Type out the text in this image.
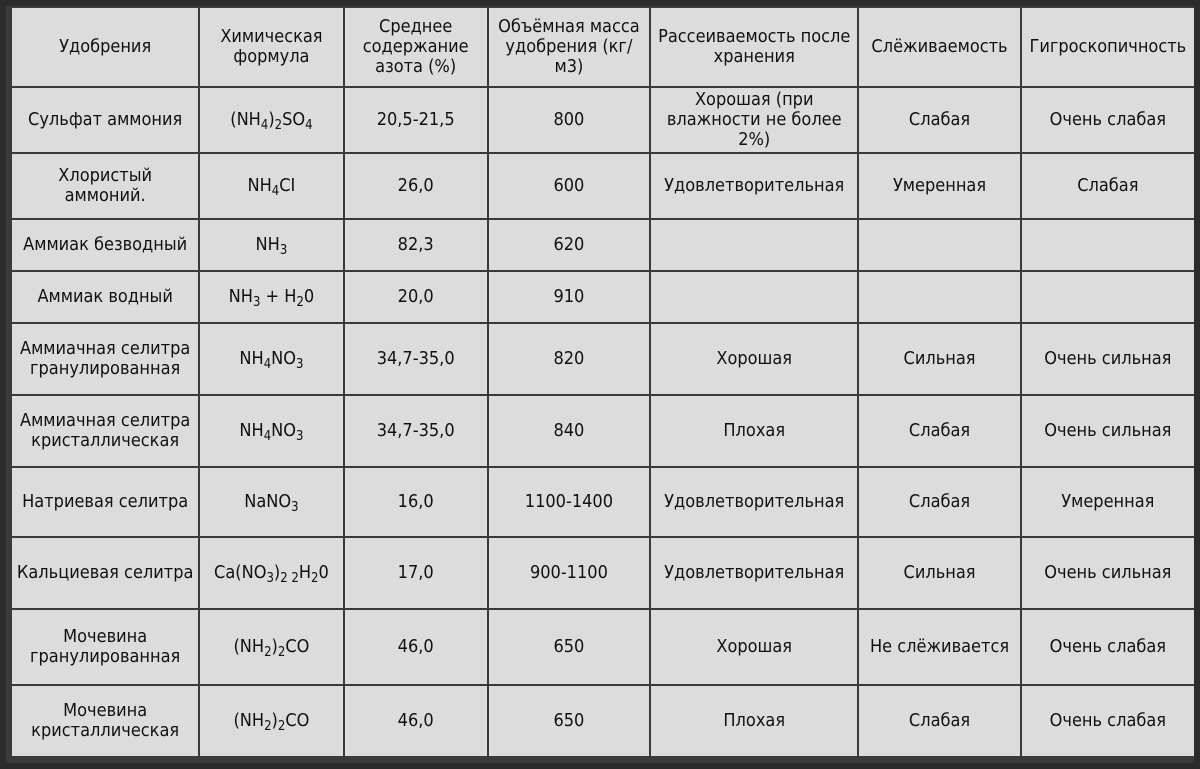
Удобрения	Химическая формула	Среднее содержание азота (%)	Объёмная масса удобрения (кг/м3)	Рассеиваемость после хранения	Слёживаемость	Гигроскопичность
Сульфат аммония	$(NH_4)_2SO_4$	20,5-21,5	800	Хорошая (при влажности не более 2%)	Слабая	Очень слабая
Хлористый аммоний.	$NH_4CI$	26,0	600	Удовлетворительная	Умеренная	Слабая
Аммиак безводный	$NH_3$	82,3	620			
Аммиак водный	$NH_3 + H_20$	20,0	910			
Аммиачная селитра гранулированная	$NH_4NO_3$	34,7-35,0	820	Хорошая	Сильная	Очень сильная
Аммиачная селитра кристаллическая	$NH_4NO_3$	34,7-35,0	840	Плохая	Слабая	Очень сильная
Натриевая селитра	NaNO$_3$	16,0	1100-1400	Удовлетворительная	Слабая	Умеренная
Кальциевая селитра	$Ca(NO_3)_{2 2}H_20$	17,0	900-1100	Удовлетворительная	Сильная	Очень сильная
Мочевина гранулированная	$(NH_2)_2CO$	46,0	650	Хорошая	Не слёживается	Очень слабая
Мочевина кристаллическая	$(NH_2)_2CO$	46,0	650	Плохая	Слабая	Очень слабая
